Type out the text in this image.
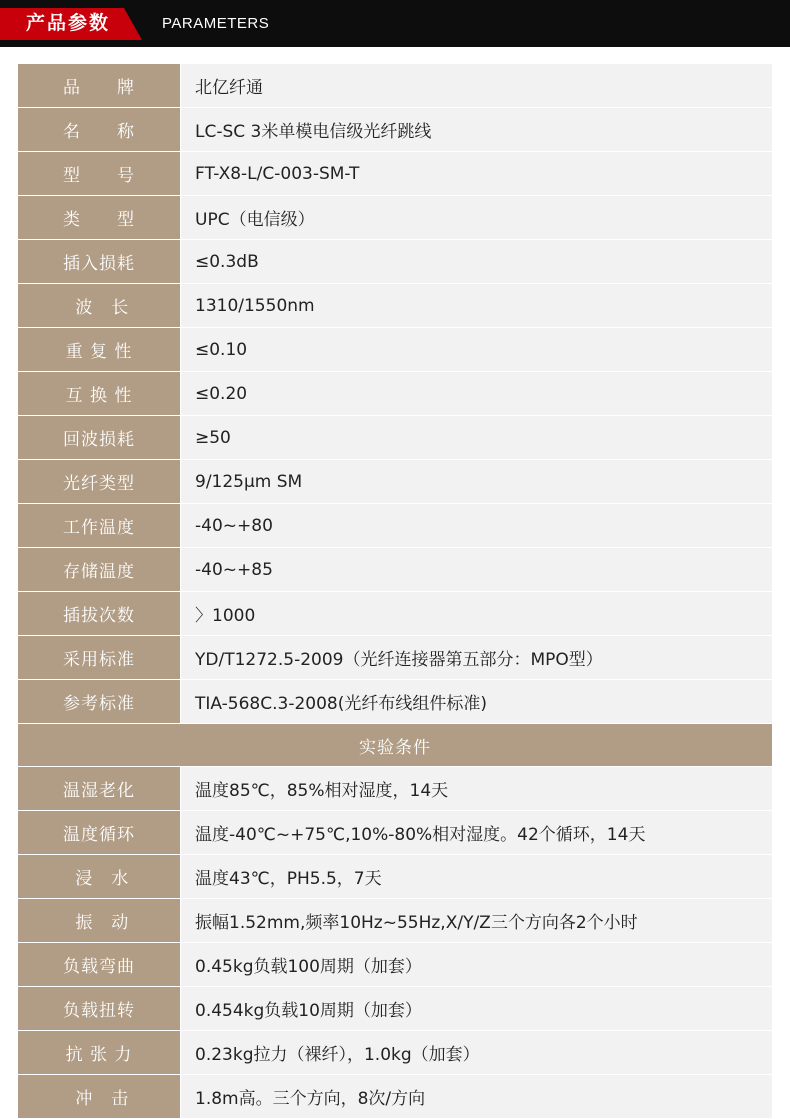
产品参数	PARAMETERS
品　　牌	北亿纤通
名　　称	LC-SC 3米单模电信级光纤跳线
型　　号	FT-X8-L/C-003-SM-T
类　　型	UPC（电信级）
插入损耗	≤0.3dB
波　长	1310/1550nm
重 复 性	≤0.10
互 换 性	≤0.20
回波损耗	≥50
光纤类型	9/125μm SM
工作温度	-40~+80
存储温度	-40~+85
插拔次数	〉1000
采用标准	YD/T1272.5-2009（光纤连接器第五部分：MPO型）
参考标准	TIA-568C.3-2008(光纤布线组件标准)
实验条件	
温湿老化	温度85℃，85%相对湿度，14天
温度循环	温度-40℃~+75℃,10%-80%相对湿度。42个循环，14天
浸　水	温度43℃，PH5.5，7天
振　动	振幅1.52mm,频率10Hz~55Hz,X/Y/Z三个方向各2个小时
负载弯曲	0.45kg负载100周期（加套）
负载扭转	0.454kg负载10周期（加套）
抗 张 力	0.23kg拉力（裸纤），1.0kg（加套）
冲　击	1.8m高。三个方向，8次/方向
